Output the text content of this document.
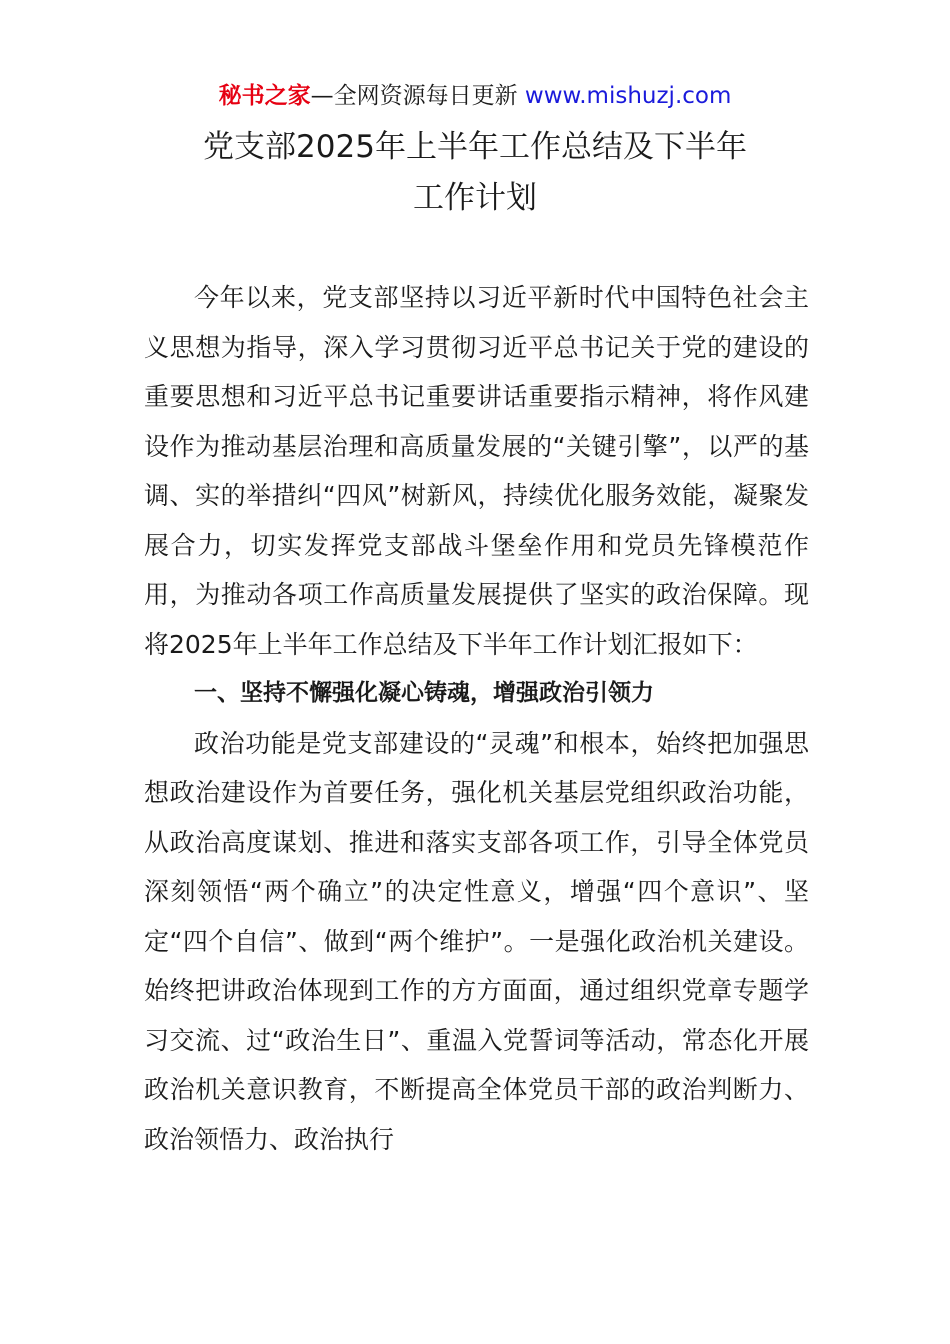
秘书之家—全网资源每日更新 www.mishuzj.com
党支部2025年上半年工作总结及下半年
工作计划

今年以来，党支部坚持以习近平新时代中国特色社会主义思想为指导，深入学习贯彻习近平总书记关于党的建设的重要思想和习近平总书记重要讲话重要指示精神，将作风建设作为推动基层治理和高质量发展的“关键引擎”，以严的基调、实的举措纠“四风”树新风，持续优化服务效能，凝聚发展合力，切实发挥党支部战斗堡垒作用和党员先锋模范作用，为推动各项工作高质量发展提供了坚实的政治保障。现将2025年上半年工作总结及下半年工作计划汇报如下：

一、坚持不懈强化凝心铸魂，增强政治引领力

政治功能是党支部建设的“灵魂”和根本，始终把加强思想政治建设作为首要任务，强化机关基层党组织政治功能，从政治高度谋划、推进和落实支部各项工作，引导全体党员深刻领悟“两个确立”的决定性意义，增强“四个意识”、坚定“四个自信”、做到“两个维护”。一是强化政治机关建设。始终把讲政治体现到工作的方方面面，通过组织党章专题学习交流、过“政治生日”、重温入党誓词等活动，常态化开展政治机关意识教育，不断提高全体党员干部的政治判断力、政治领悟力、政治执行
